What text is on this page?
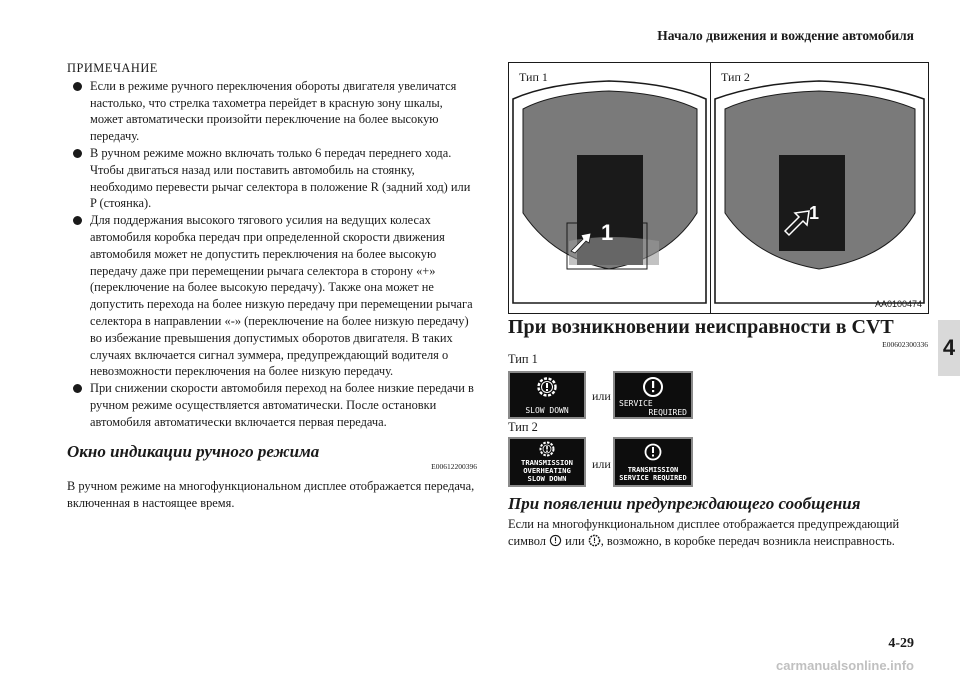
Начало движения и вождение автомобиля
4
ПРИМЕЧАНИЕ
Если в режиме ручного переключения обороты двигателя увеличатся настолько, что стрелка тахометра перейдет в красную зону шкалы, может автоматически произойти переключение на более высокую передачу.
В ручном режиме можно включать только 6 передач переднего хода. Чтобы двигаться назад или поставить автомобиль на стоянку, необходимо перевести рычаг селектора в положение R (задний ход) или P (стоянка).
Для поддержания высокого тягового усилия на ведущих колесах автомобиля коробка передач при определенной скорости движения автомобиля может не допустить переключения на более высокую передачу даже при перемещении рычага селектора в сторону «+» (переключение на более высокую передачу). Также она может не допустить перехода на более низкую передачу при перемещении рычага селектора в направлении «-» (переключение на более низкую передачу) во избежание превышения допустимых оборотов двигателя. В таких случаях включается сигнал зуммера, предупреждающий водителя о невозможности переключения на более низкую передачу.
При снижении скорости автомобиля переход на более низкие передачи в ручном режиме осуществляется автоматически. После остановки автомобиля автоматически включается первая передача.
Окно индикации ручного режима
E00612200396
В ручном режиме на многофункциональном дисплее отображается передача, включенная в настоящее время.
1
1
Тип 1	Тип 2
AA0100474
При возникновении неисправности в CVT
E00602300336
Тип 1
SLOW DOWN
или
SERVICE
REQUIRED
Тип 2
TRANSMISSION
OVERHEATING
SLOW DOWN
или TRANSMISSION
SERVICE REQUIRED
При появлении предупреждающего сообщения
Если на многофункциональном дисплее отображается предупреждающий символ или , возможно, в коробке передач возникла неисправность.
4-29
carmanualsonline.info
